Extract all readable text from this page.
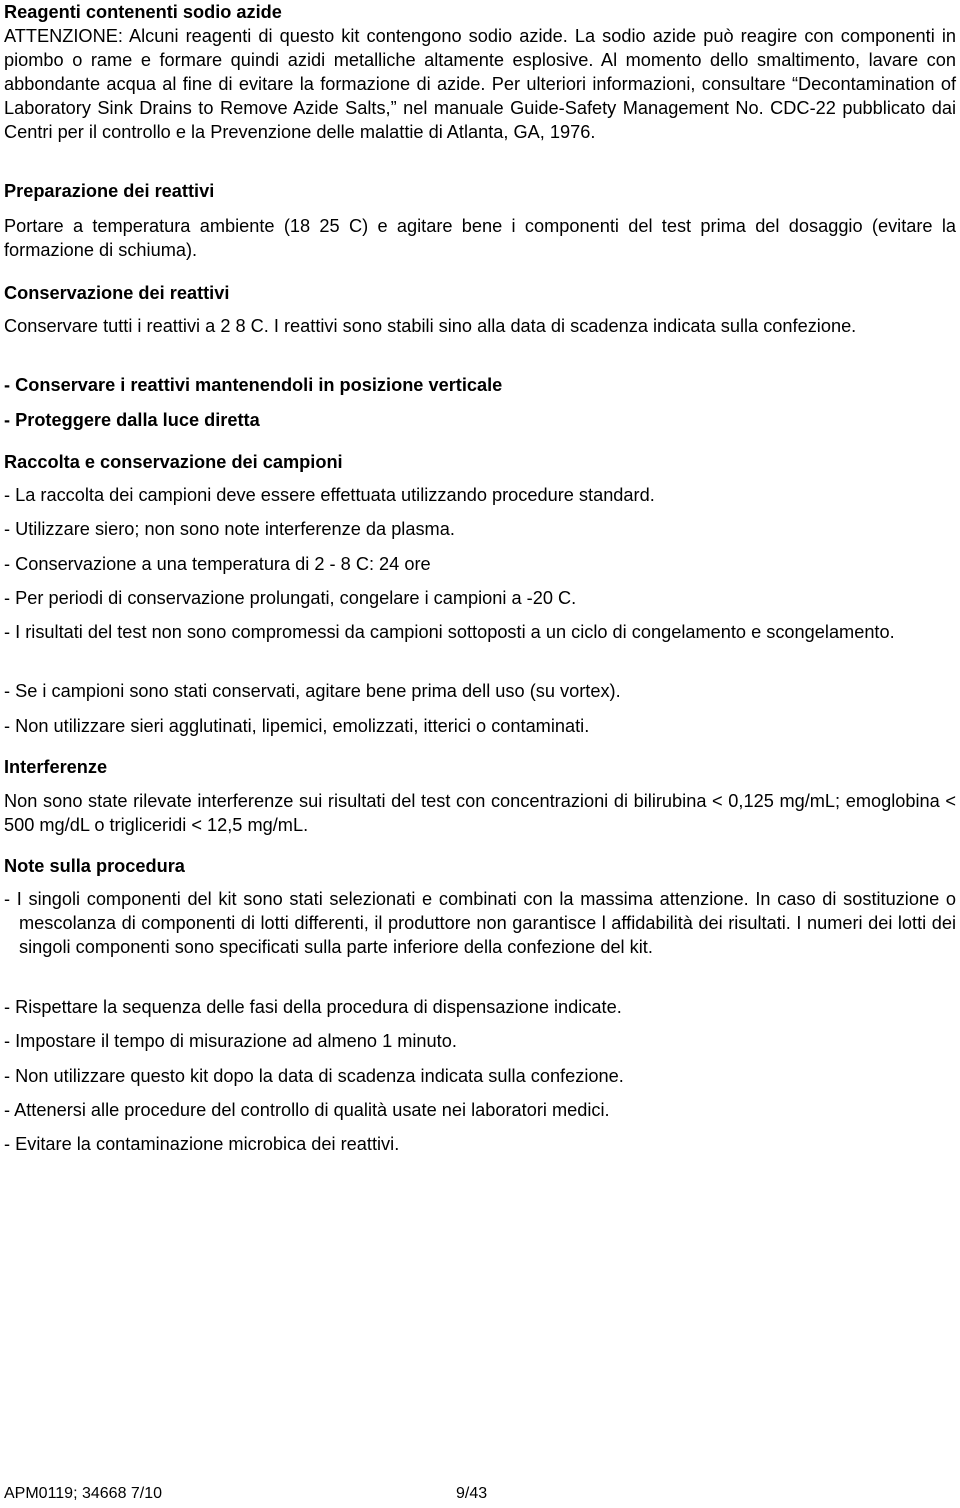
Reagenti contenenti sodio azide

ATTENZIONE: Alcuni reagenti di questo kit contengono sodio azide. La sodio azide può reagire con componenti in piombo o rame e formare quindi azidi metalliche altamente esplosive. Al momento dello smaltimento, lavare con abbondante acqua al fine di evitare la formazione di azide. Per ulteriori informazioni, consultare “Decontamination of Laboratory Sink Drains to Remove Azide Salts,” nel manuale Guide-Safety Management No. CDC-22 pubblicato dai Centri per il controllo e la Prevenzione delle malattie di Atlanta, GA, 1976.

Preparazione dei reattivi

Portare a temperatura ambiente (18 25 C) e agitare bene i componenti del test prima del dosaggio (evitare la formazione di schiuma).

Conservazione dei reattivi

Conservare tutti i reattivi a 2 8 C. I reattivi sono stabili sino alla data di scadenza indicata sulla confezione.

- Conservare i reattivi mantenendoli in posizione verticale
- Proteggere dalla luce diretta
Raccolta e conservazione dei campioni

- La raccolta dei campioni deve essere effettuata utilizzando procedure standard.

- Utilizzare siero; non sono note interferenze da plasma.

- Conservazione a una temperatura di 2 - 8 C: 24 ore

- Per periodi di conservazione prolungati, congelare i campioni a -20 C.

- I risultati del test non sono compromessi da campioni sottoposti a un ciclo di congelamento e scongelamento.

- Se i campioni sono stati conservati, agitare bene prima dell uso (su vortex).

- Non utilizzare sieri agglutinati, lipemici, emolizzati, itterici o contaminati.

Interferenze

Non sono state rilevate interferenze sui risultati del test con concentrazioni di bilirubina < 0,125 mg/mL; emoglobina < 500 mg/dL o trigliceridi < 12,5 mg/mL.

Note sulla procedura

- I singoli componenti del kit sono stati selezionati e combinati con la massima attenzione. In caso di sostituzione o mescolanza di componenti di lotti differenti, il produttore non garantisce l affidabilità dei risultati. I numeri dei lotti dei singoli componenti sono specificati sulla parte inferiore della confezione del kit.

- Rispettare la sequenza delle fasi della procedura di dispensazione indicate.

- Impostare il tempo di misurazione ad almeno 1 minuto.

- Non utilizzare questo kit dopo la data di scadenza indicata sulla confezione.

- Attenersi alle procedure del controllo di qualità usate nei laboratori medici.

- Evitare la contaminazione microbica dei reattivi.

APM0119; 34668 7/10	9/43
